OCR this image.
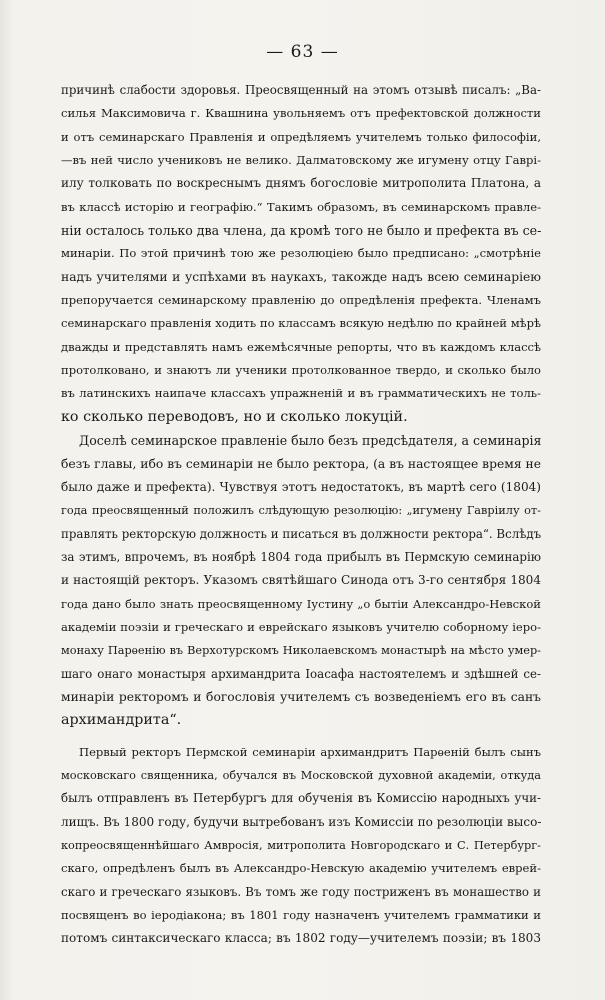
— 63 —
причинѣ слабости здоровья. Преосвященный на этомъ отзывѣ писалъ: „Ва-
силья Максимовича г. Квашнина увольняемъ отъ префектовской должности
и отъ семинарскаго Правленія и опредѣляемъ учителемъ только философіи,
—въ ней число учениковъ не велико. Далматовскому же игумену отцу Гаврі-
илу толковать по воскреснымъ днямъ богословіе митрополита Платона, а
въ классѣ исторію и географію.“ Такимъ образомъ, въ семинарскомъ правле-
ніи осталось только два члена, да кромѣ того не было и префекта въ се-
минаріи. По этой причинѣ тою же резолюціею было предписано: „смотрѣніе
надъ учителями и успѣхами въ наукахъ, такожде надъ всею семинаріею
препоручается семинарскому правленію до опредѣленія префекта. Членамъ
семинарскаго правленія ходить по классамъ всякую недѣлю по крайней мѣрѣ
дважды и представлять намъ ежемѣсячные репорты, что въ каждомъ классѣ
протолковано, и знаютъ ли ученики протолкованное твердо, и сколько было
въ латинскихъ наипаче классахъ упражненій и въ грамматическихъ не толь-
ко сколько переводовъ, но и сколько локуцій.
Доселѣ семинарское правленіе было безъ предсѣдателя, а семинарія
безъ главы, ибо въ семинаріи не было ректора, (а въ настоящее время не
было даже и префекта). Чувствуя этотъ недостатокъ, въ мартѣ сего (1804)
года преосвященный положилъ слѣдующую резолюцію: „игумену Гаврiилу от-
правлять ректорскую должность и писаться въ должности ректора“. Вслѣдъ
за этимъ, впрочемъ, въ ноябрѣ 1804 года прибылъ въ Пермскую семинарію
и настоящій ректоръ. Указомъ святѣйшаго Синода отъ 3-го сентября 1804
года дано было знать преосвященному Іустину „о бытіи Александро-Невской
академіи поэзіи и греческаго и еврейскаго языковъ учителю соборному іеро-
монаху Парѳенію въ Верхотурскомъ Николаевскомъ монастырѣ на мѣсто умер-
шаго онаго монастыря архимандрита Іоасафа настоятелемъ и здѣшней се-
минаріи ректоромъ и богословія учителемъ съ возведеніемъ его въ санъ
архимандрита“.
Первый ректоръ Пермской семинаріи архимандритъ Парѳеній былъ сынъ
московскаго священника, обучался въ Московской духовной академіи, откуда
былъ отправленъ въ Петербургъ для обученія въ Комиссію народныхъ учи-
лищъ. Въ 1800 году, будучи вытребованъ изъ Комиссіи по резолюціи высо-
копреосвященнѣйшаго Амвросія, митрополита Новгородскаго и С. Петербург-
скаго, опредѣленъ былъ въ Александро-Невскую академію учителемъ еврей-
скаго и греческаго языковъ. Въ томъ же году постриженъ въ монашество и
посвященъ во іеродіакона; въ 1801 году назначенъ учителемъ грамматики и
потомъ синтаксическаго класса; въ 1802 году—учителемъ поэзіи; въ 1803
